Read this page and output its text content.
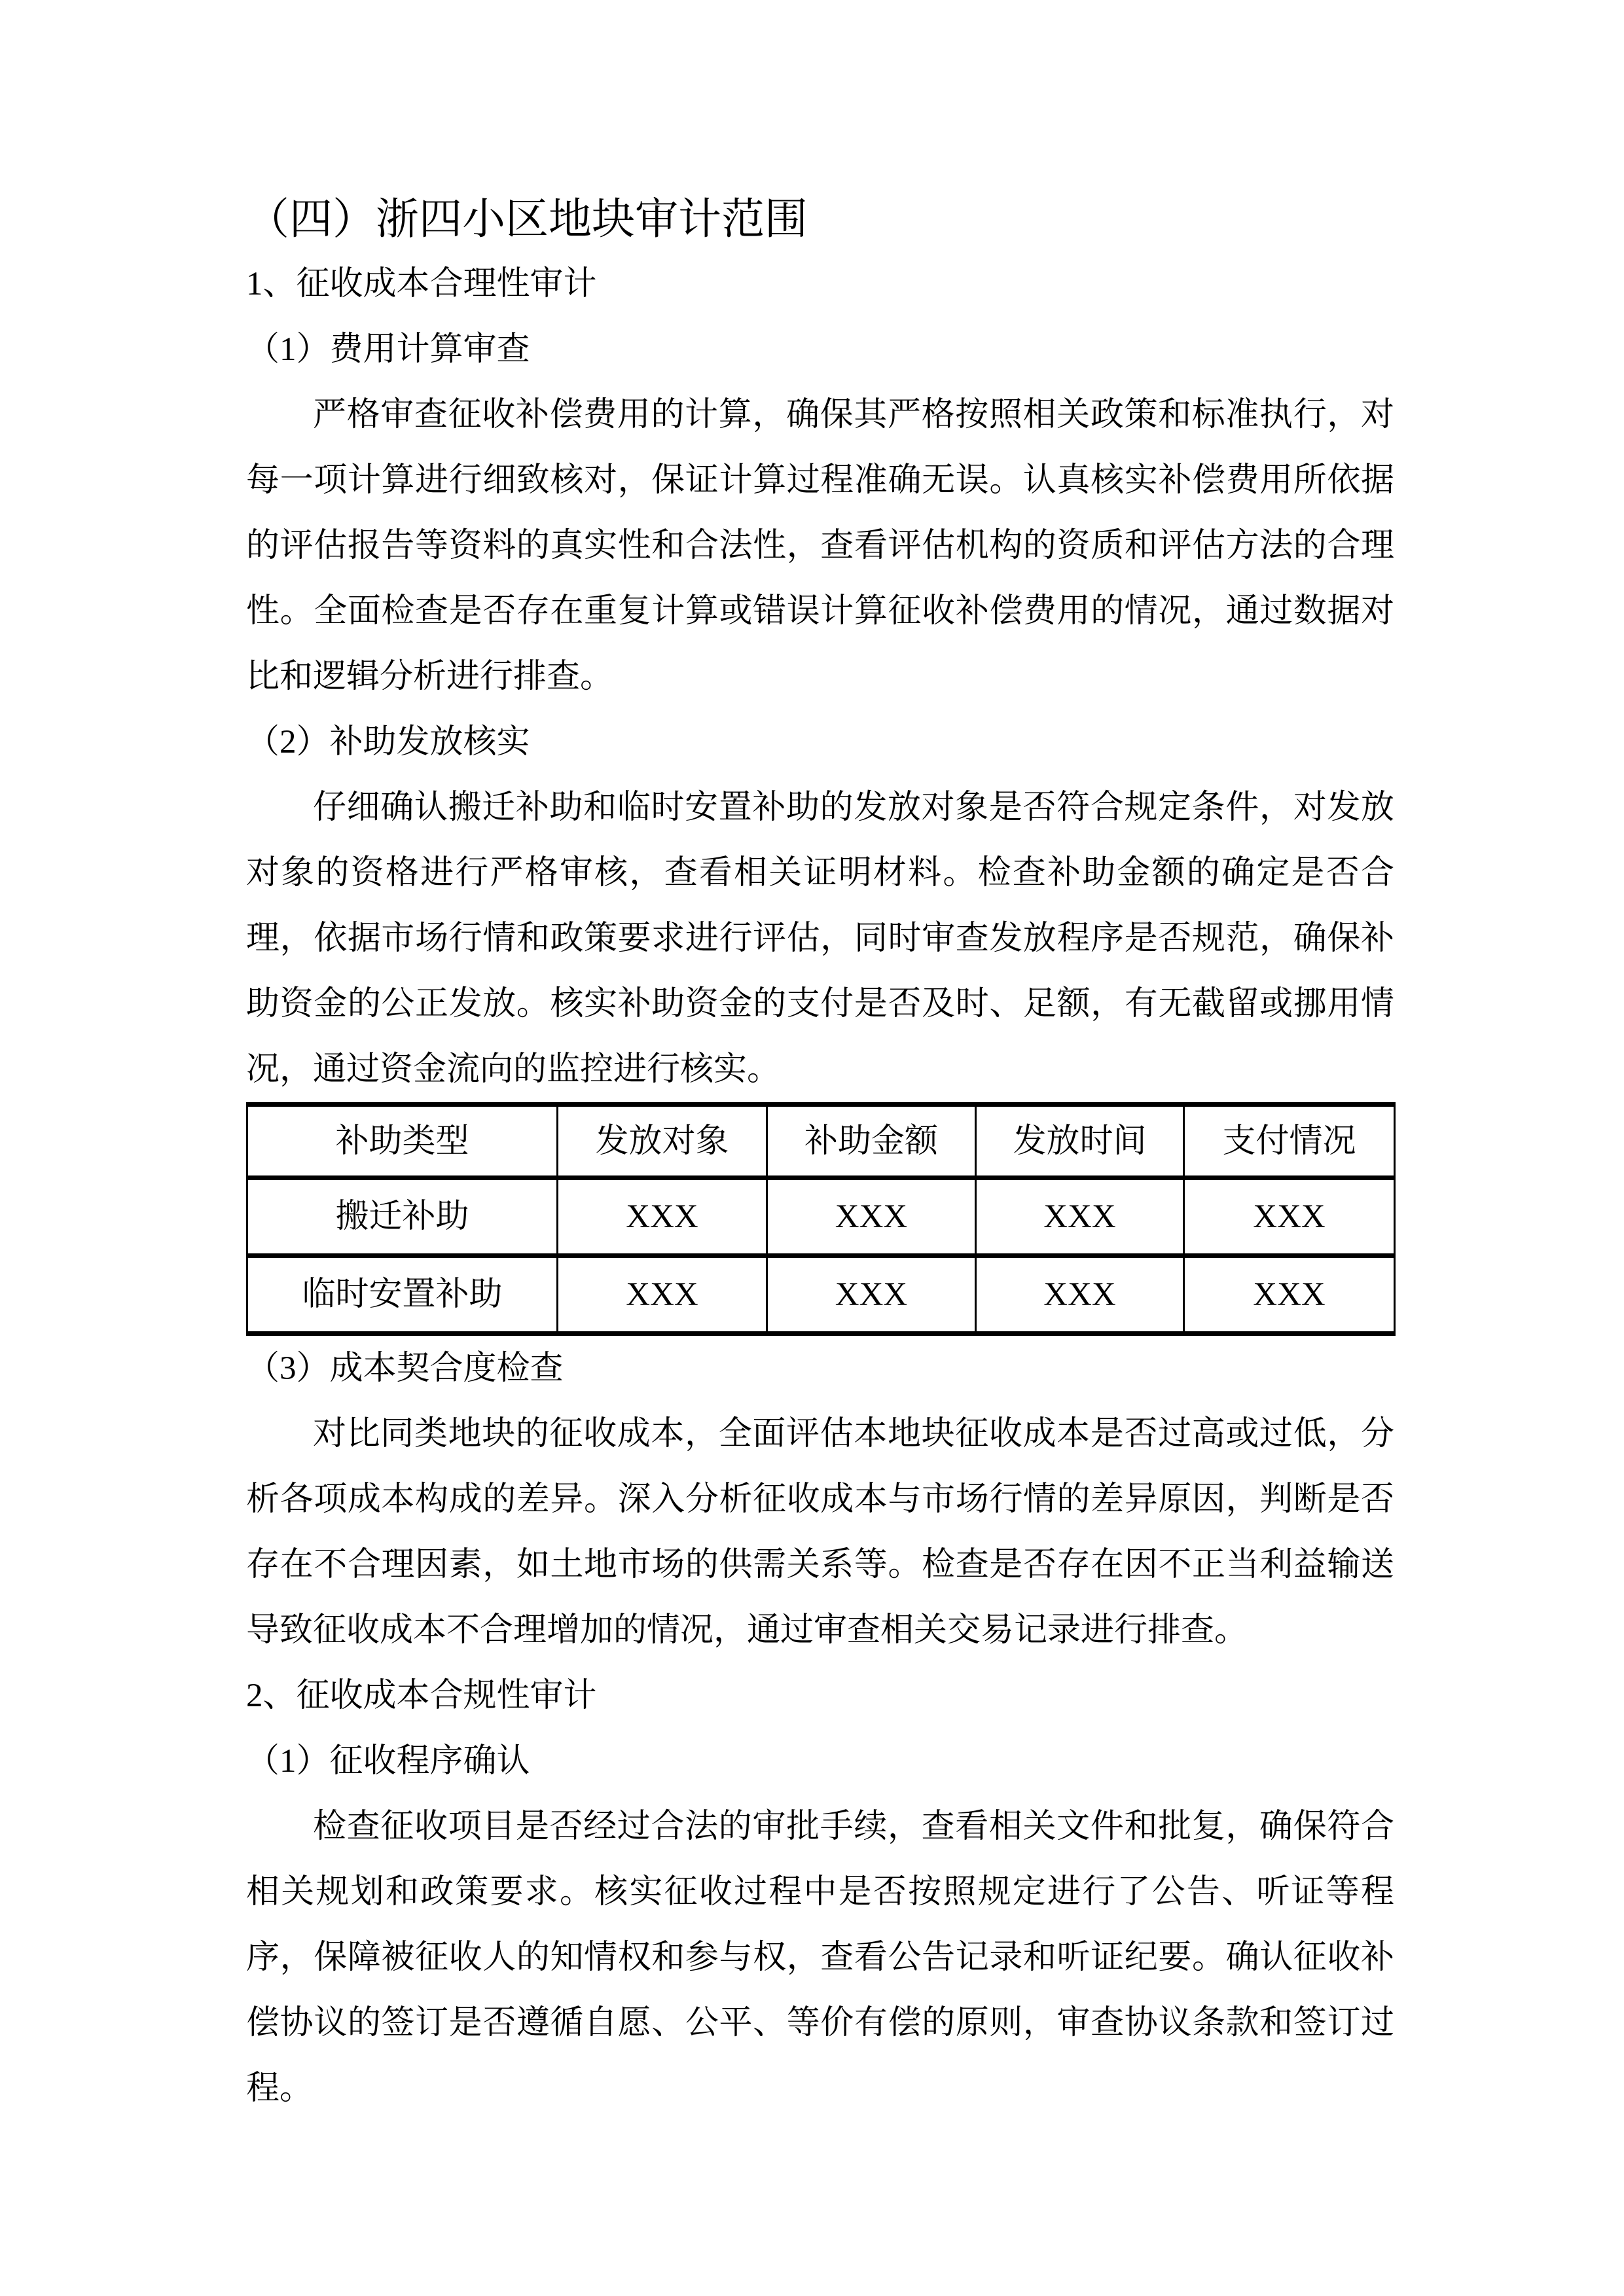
（四）浙四小区地块审计范围
1、征收成本合理性审计
（1）费用计算审查

严格审查征收补偿费用的计算，确保其严格按照相关政策和标准执行，对每一项计算进行细致核对，保证计算过程准确无误。认真核实补偿费用所依据的评估报告等资料的真实性和合法性，查看评估机构的资质和评估方法的合理性。全面检查是否存在重复计算或错误计算征收补偿费用的情况，通过数据对比和逻辑分析进行排查。

（2）补助发放核实

仔细确认搬迁补助和临时安置补助的发放对象是否符合规定条件，对发放对象的资格进行严格审核，查看相关证明材料。检查补助金额的确定是否合理，依据市场行情和政策要求进行评估，同时审查发放程序是否规范，确保补助资金的公正发放。核实补助资金的支付是否及时、足额，有无截留或挪用情况，通过资金流向的监控进行核实。

补助类型	发放对象	补助金额	发放时间	支付情况
搬迁补助	XXX	XXX	XXX	XXX
临时安置补助	XXX	XXX	XXX	XXX
（3）成本契合度检查

对比同类地块的征收成本，全面评估本地块征收成本是否过高或过低，分析各项成本构成的差异。深入分析征收成本与市场行情的差异原因，判断是否存在不合理因素，如土地市场的供需关系等。检查是否存在因不正当利益输送导致征收成本不合理增加的情况，通过审查相关交易记录进行排查。

2、征收成本合规性审计
（1）征收程序确认

检查征收项目是否经过合法的审批手续，查看相关文件和批复，确保符合相关规划和政策要求。核实征收过程中是否按照规定进行了公告、听证等程序，保障被征收人的知情权和参与权，查看公告记录和听证纪要。确认征收补偿协议的签订是否遵循自愿、公平、等价有偿的原则，审查协议条款和签订过程。
